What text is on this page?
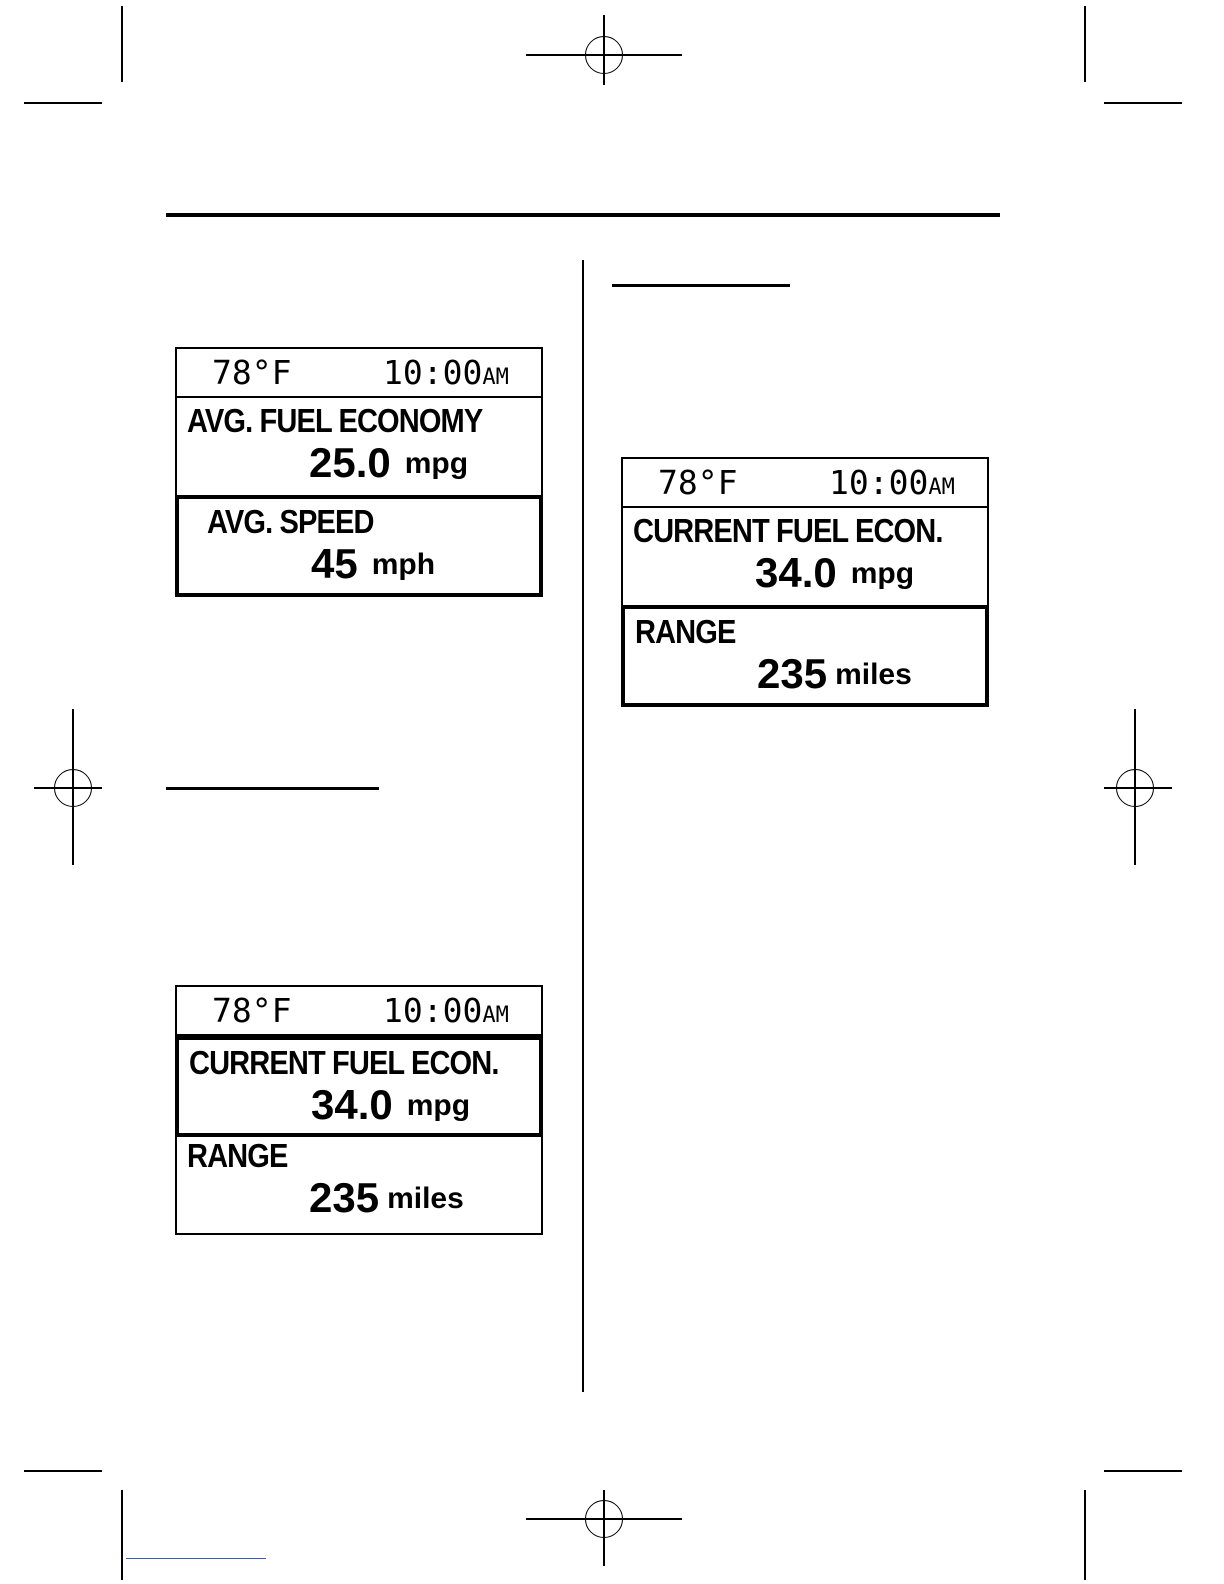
78°F	10:00AM
AVG. FUEL ECONOMY
25.0 mpg
AVG. SPEED
45 mph
78°F	10:00AM
CURRENT FUEL ECON.
34.0 mpg
RANGE
235 miles
78°F	10:00AM
CURRENT FUEL ECON.
34.0 mpg
RANGE
235 miles
